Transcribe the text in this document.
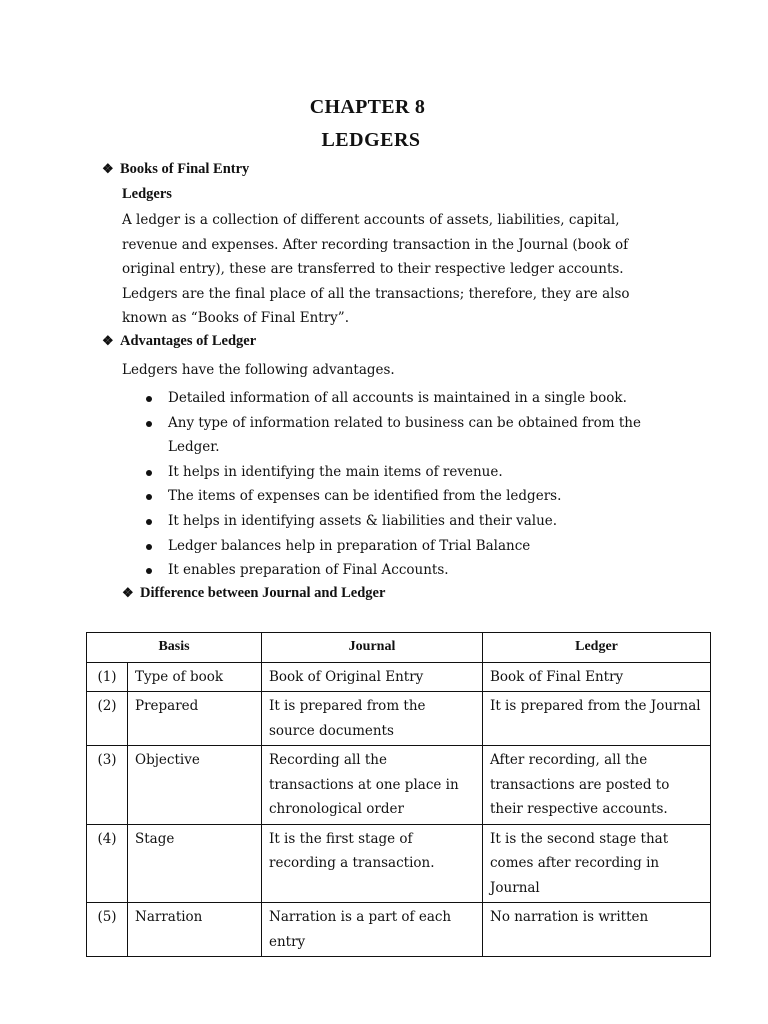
CHAPTER 8
LEDGERS
❖ Books of Final Entry
Ledgers

A ledger is a collection of different accounts of assets, liabilities, capital,

revenue and expenses. After recording transaction in the Journal (book of

original entry), these are transferred to their respective ledger accounts.

Ledgers are the final place of all the transactions; therefore, they are also

known as “Books of Final Entry”.

❖ Advantages of Ledger
Ledgers have the following advantages.
Detailed information of all accounts is maintained in a single book.
Any type of information related to business can be obtained from the Ledger.
It helps in identifying the main items of revenue.
The items of expenses can be identified from the ledgers.
It helps in identifying assets & liabilities and their value.
Ledger balances help in preparation of Trial Balance
It enables preparation of Final Accounts.
❖ Difference between Journal and Ledger
Basis		Journal	Ledger
(1)	Type of book	Book of Original Entry	Book of Final Entry
(2)	Prepared	It is prepared from the source documents	It is prepared from the Journal
(3)	Objective	Recording all the transactions at one place in chronological order	After recording, all the transactions are posted to their respective accounts.
(4)	Stage	It is the first stage of recording a transaction.	It is the second stage that comes after recording in Journal
(5)	Narration	Narration is a part of each entry	No narration is written
